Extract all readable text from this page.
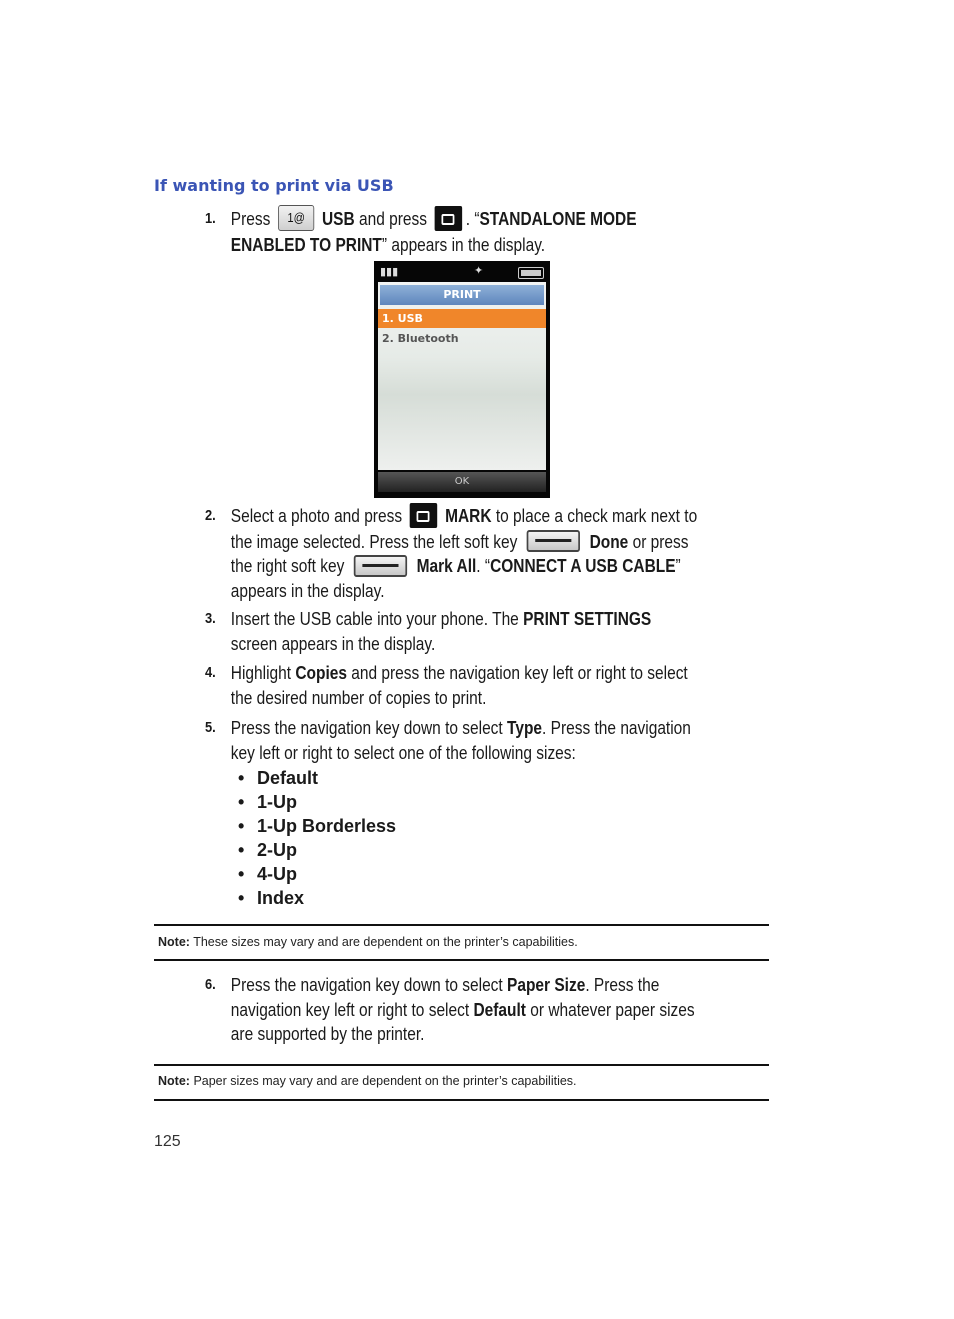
If wanting to print via USB
1. Press 1@ USB and press . “STANDALONE MODE ENABLED TO PRINT” appears in the display.
▮▮▮	✦
PRINT
1. USB
2. Bluetooth
OK
2. Select a photo and press MARK to place a check mark next to the image selected. Press the left soft key	Done or press the right soft key	Mark All. “CONNECT A USB CABLE” appears in the display.
3. Insert the USB cable into your phone. The PRINT SETTINGS screen appears in the display.
4. Highlight Copies and press the navigation key left or right to select the desired number of copies to print.
5. Press the navigation key down to select Type. Press the navigation key left or right to select one of the following sizes:
• Default
• 1-Up
• 1-Up Borderless
• 2-Up
• 4-Up
• Index
Note: These sizes may vary and are dependent on the printer’s capabilities.
6. Press the navigation key down to select Paper Size. Press the navigation key left or right to select Default or whatever paper sizes are supported by the printer.
Note: Paper sizes may vary and are dependent on the printer’s capabilities.
125
